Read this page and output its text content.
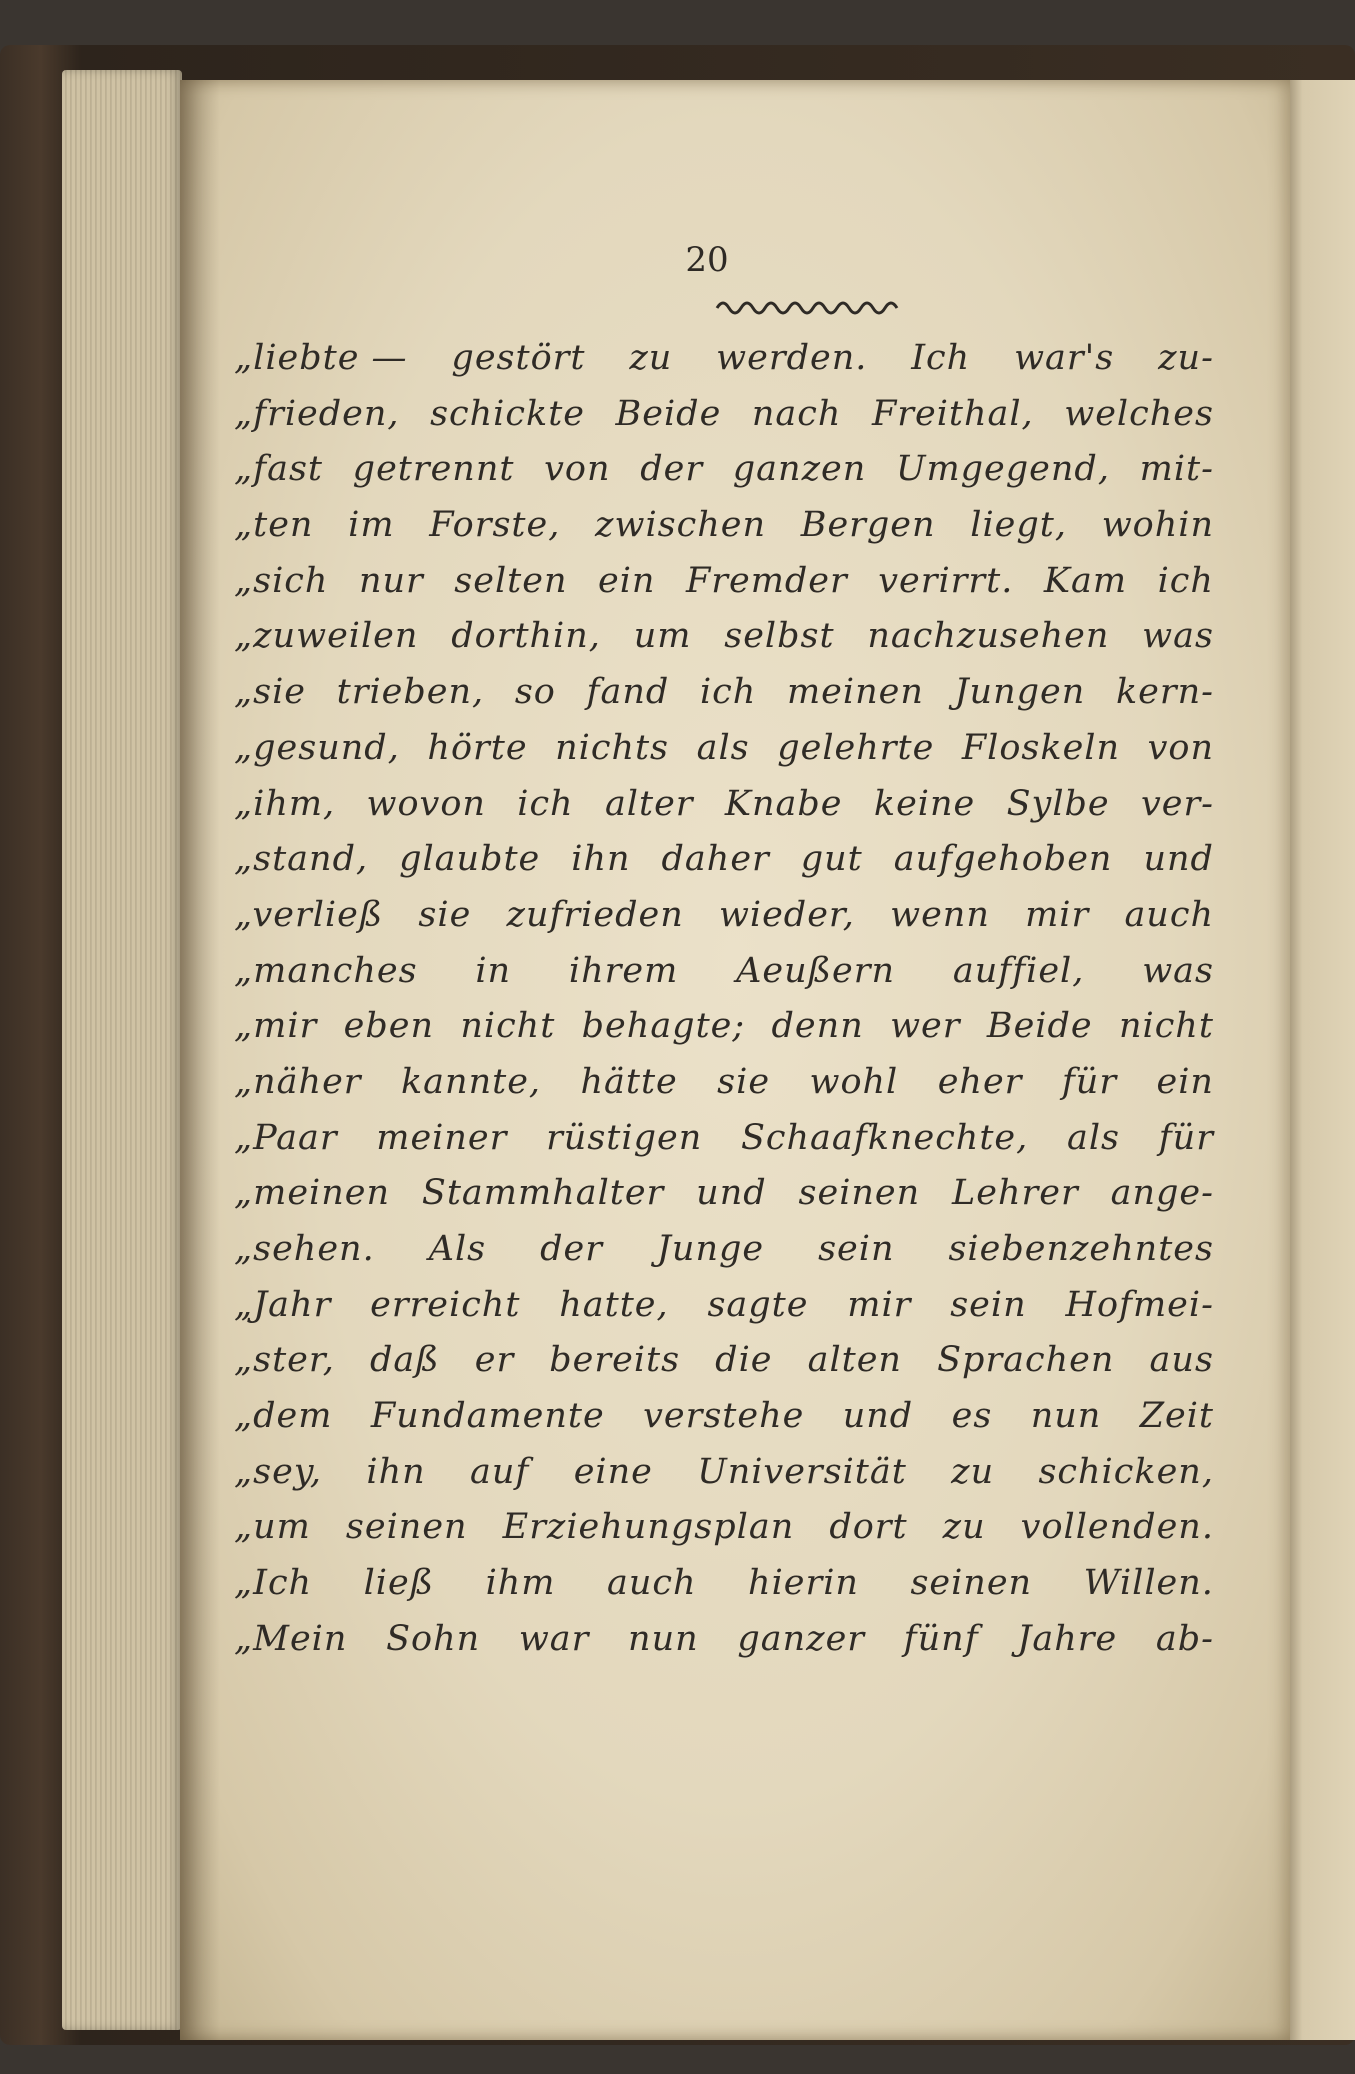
20
„liebte — gestört zu werden. Ich war's zu-
„frieden, schickte Beide nach Freithal, welches
„fast getrennt von der ganzen Umgegend, mit-
„ten im Forste, zwischen Bergen liegt, wohin
„sich nur selten ein Fremder verirrt. Kam ich
„zuweilen dorthin, um selbst nachzusehen was
„sie trieben, so fand ich meinen Jungen kern-
„gesund, hörte nichts als gelehrte Floskeln von
„ihm, wovon ich alter Knabe keine Sylbe ver-
„stand, glaubte ihn daher gut aufgehoben und
„verließ sie zufrieden wieder, wenn mir auch
„manches in ihrem Aeußern auffiel, was
„mir eben nicht behagte; denn wer Beide nicht
„näher kannte, hätte sie wohl eher für ein
„Paar meiner rüstigen Schaafknechte, als für
„meinen Stammhalter und seinen Lehrer ange-
„sehen. Als der Junge sein siebenzehntes
„Jahr erreicht hatte, sagte mir sein Hofmei-
„ster, daß er bereits die alten Sprachen aus
„dem Fundamente verstehe und es nun Zeit
„sey, ihn auf eine Universität zu schicken,
„um seinen Erziehungsplan dort zu vollenden.
„Ich ließ ihm auch hierin seinen Willen.
„Mein Sohn war nun ganzer fünf Jahre ab-
